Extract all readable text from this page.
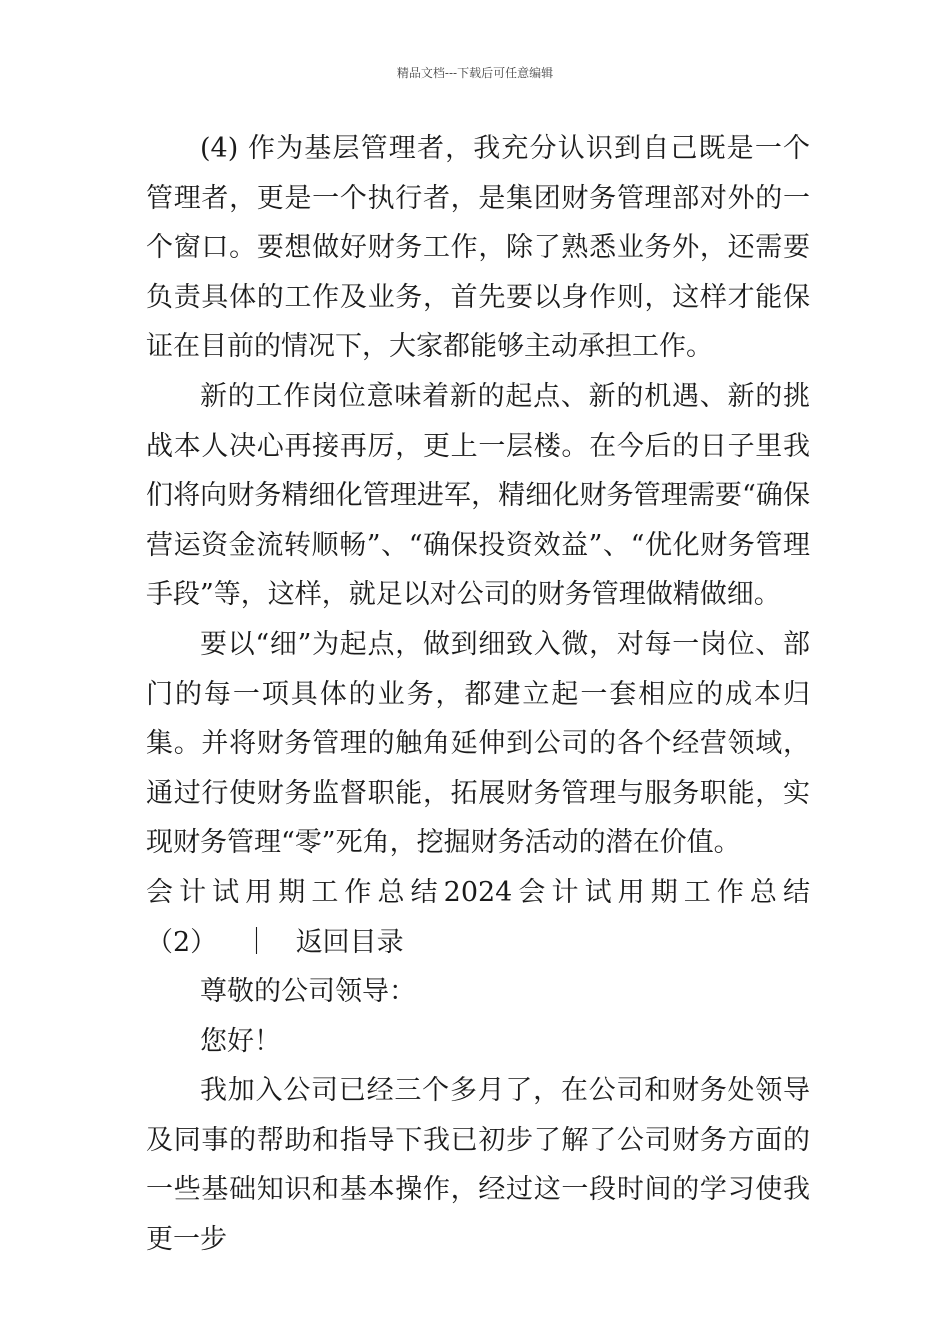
精品文档---下载后可任意编辑

(4) 作为基层管理者，我充分认识到自己既是一个管理者，更是一个执行者，是集团财务管理部对外的一个窗口。要想做好财务工作，除了熟悉业务外，还需要负责具体的工作及业务，首先要以身作则，这样才能保证在目前的情况下，大家都能够主动承担工作。

新的工作岗位意味着新的起点、新的机遇、新的挑战本人决心再接再厉，更上一层楼。在今后的日子里我们将向财务精细化管理进军，精细化财务管理需要“确保营运资金流转顺畅”、“确保投资效益”、“优化财务管理手段”等，这样，就足以对公司的财务管理做精做细。

要以“细”为起点，做到细致入微，对每一岗位、部门的每一项具体的业务，都建立起一套相应的成本归集。并将财务管理的触角延伸到公司的各个经营领域，通过行使财务监督职能，拓展财务管理与服务职能，实现财务管理“零”死角，挖掘财务活动的潜在价值。

会计试用期工作总结2024会计试用期工作总结（2） ｜ 返回目录

尊敬的公司领导：

您好！

我加入公司已经三个多月了，在公司和财务处领导及同事的帮助和指导下我已初步了解了公司财务方面的一些基础知识和基本操作，经过这一段时间的学习使我更一步
